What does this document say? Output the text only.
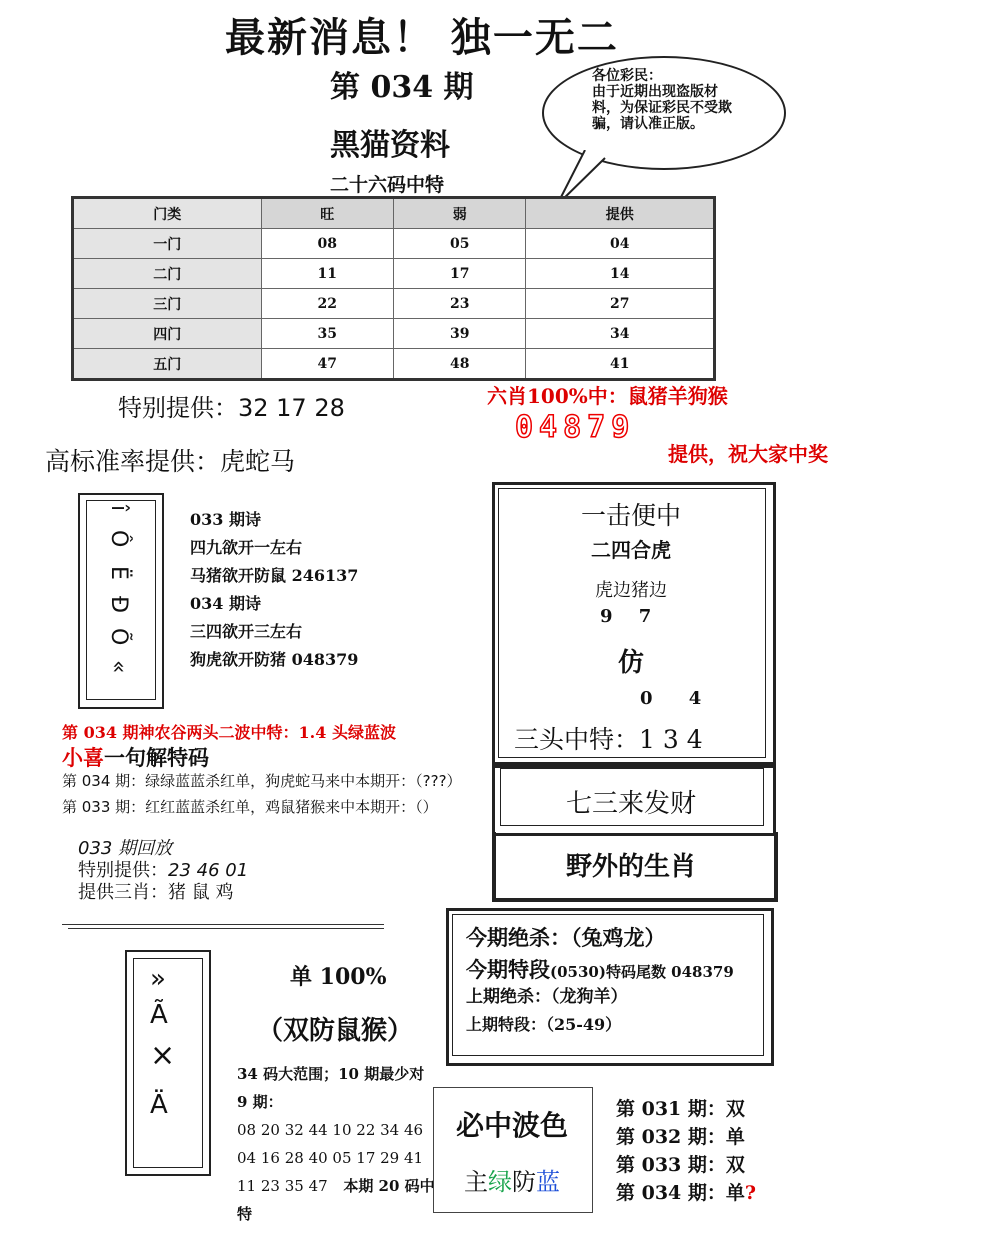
最新消息！ 独一无二
第 034 期
黑猫资料
二十六码中特
各位彩民：
由于近期出现盗版材料，为保证彩民不受欺骗，请认准正版。
门类	旺	弱	提供
一门	08	05	04
二门	11	17	14
三门	22	23	27
四门	35	39	34
五门	47	48	41
特别提供：32 17 28	六肖100%中：鼠猪羊狗猴
04879
提供，祝大家中奖
高标准率提供：虎蛇马
î
Ô
Ë
Ð
Õ
«
033 期诗
四九欲开一左右
马猪欲开防鼠 246137
034 期诗
三四欲开三左右
狗虎欲开防猪 048379
一击便中
二四合虎
虎边猪边
9 7
仿
0 4
三头中特：1 3 4
七三来发财
野外的生肖
第 034 期神农谷两头二波中特：1.4 头绿蓝波
小喜一句解特码
第 034 期：绿绿蓝蓝杀红单，狗虎蛇马来中本期开：（???）
第 033 期：红红蓝蓝杀红单，鸡鼠猪猴来中本期开：（）
033 期回放
特别提供：23 46 01
提供三肖：猪 鼠 鸡
今期绝杀：（兔鸡龙）
今期特段(0530)特码尾数 048379
上期绝杀：（龙狗羊）
上期特段：（25-49）
»
Ã
×
Ä
单 100%
（双防鼠猴）
34 码大范围；10 期最少对 9 期：
08 20 32 44 10 22 34 46
04 16 28 40 05 17 29 41
11 23 35 47 本期 20 码中特
必中波色
主绿防蓝
第 031 期：双
第 032 期：单
第 033 期：双
第 034 期：单?
